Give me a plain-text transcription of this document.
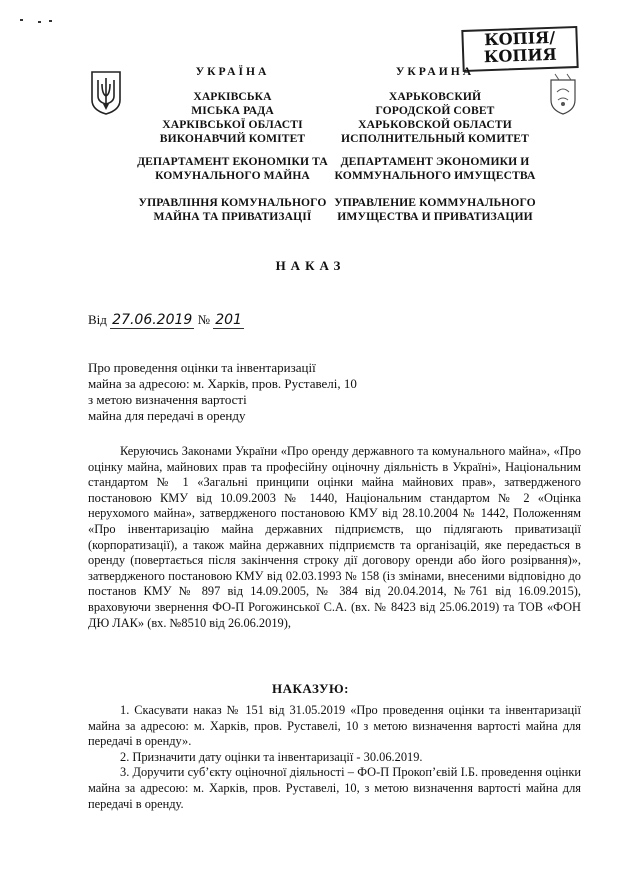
КОПІЯ/
КОПИЯ
УКРАЇНА
ХАРКІВСЬКА
МІСЬКА РАДА
ХАРКІВСЬКОЇ ОБЛАСТІ
ВИКОНАВЧИЙ КОМІТЕТ
ДЕПАРТАМЕНТ ЕКОНОМІКИ ТА
КОМУНАЛЬНОГО МАЙНА
УПРАВЛІННЯ КОМУНАЛЬНОГО
МАЙНА ТА ПРИВАТИЗАЦІЇ
УКРАИНА
ХАРЬКОВСКИЙ
ГОРОДСКОЙ СОВЕТ
ХАРЬКОВСКОЙ ОБЛАСТИ
ИСПОЛНИТЕЛЬНЫЙ КОМИТЕТ
ДЕПАРТАМЕНТ ЭКОНОМИКИ И
КОММУНАЛЬНОГО ИМУЩЕСТВА
УПРАВЛЕНИЕ КОММУНАЛЬНОГО
ИМУЩЕСТВА И ПРИВАТИЗАЦИИ
НАКАЗ
Від 27.06.2019 № 201
Про проведення оцінки та інвентаризації
майна за адресою: м. Харків, пров. Руставелі, 10
з метою визначення вартості
майна для передачі в оренду

Керуючись Законами України «Про оренду державного та комунального майна», «Про оцінку майна, майнових прав та професійну оціночну діяльність в Україні», Національним стандартом № 1 «Загальні принципи оцінки майна майнових прав», затвердженого постановою КМУ від 10.09.2003 № 1440, Національним стандартом № 2 «Оцінка нерухомого майна», затвердженого постановою КМУ від 28.10.2004 № 1442, Положенням «Про інвентаризацію майна державних підприємств, що підлягають приватизації (корпоратизації), а також майна державних підприємств та організацій, яке передається в оренду (повертається після закінчення строку дії договору оренди або його розірвання)», затвердженого постановою КМУ від 02.03.1993 № 158 (із змінами, внесеними відповідно до постанов КМУ № 897 від 14.09.2005, № 384 від 20.04.2014, №761 від 16.09.2015), враховуючи звернення ФО-П Рогожинської С.А. (вх. № 8423 від 25.06.2019) та ТОВ «ФОН ДЮ ЛАК» (вх. №8510 від 26.06.2019),

НАКАЗУЮ:

1. Скасувати наказ № 151 від 31.05.2019 «Про проведення оцінки та інвентаризації майна за адресою: м. Харків, пров. Руставелі, 10 з метою визначення вартості майна для передачі в оренду».

2. Призначити дату оцінки та інвентаризації - 30.06.2019.

3. Доручити суб’єкту оціночної діяльності – ФО-П Прокоп’євій І.Б. проведення оцінки майна за адресою: м. Харків, пров. Руставелі, 10, з метою визначення вартості майна для передачі в оренду.
